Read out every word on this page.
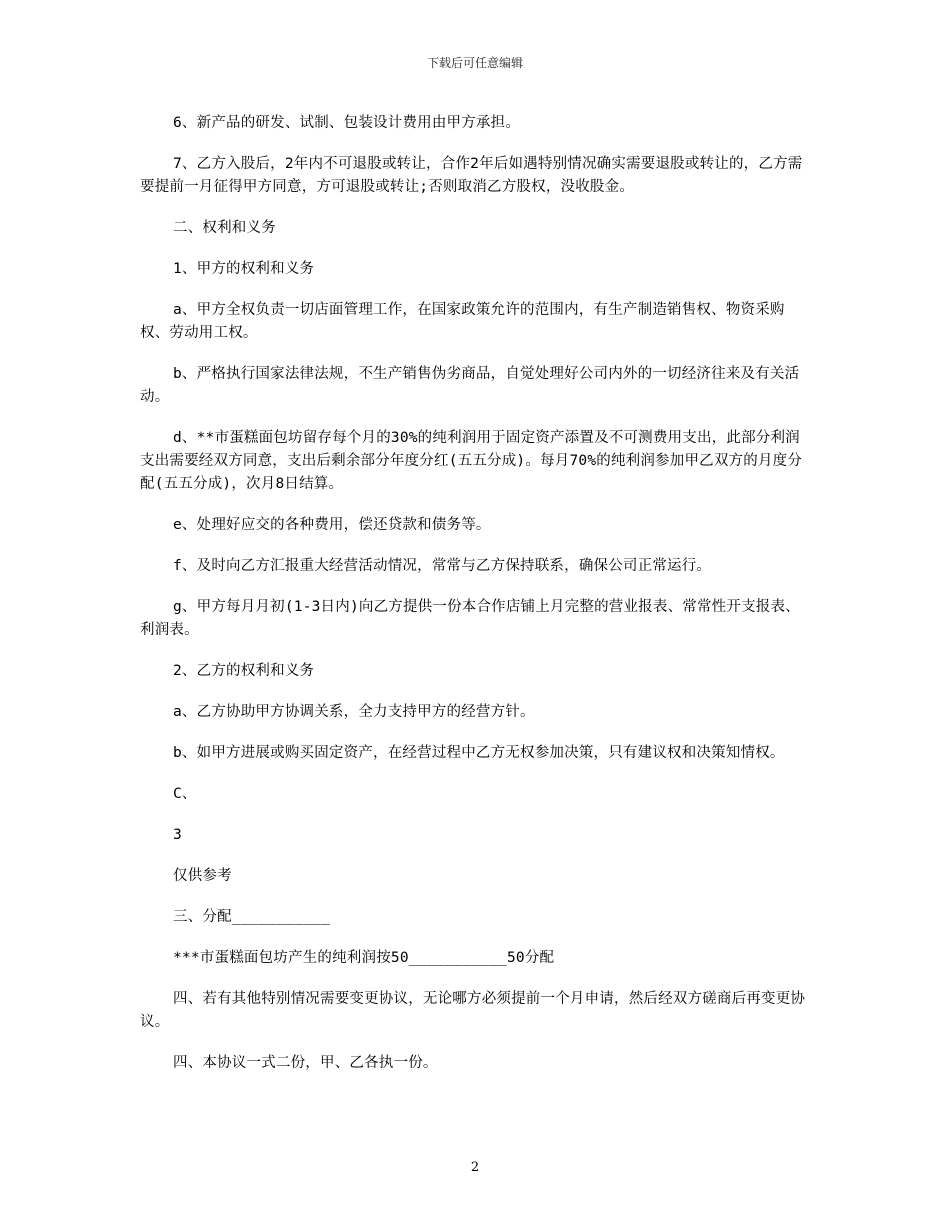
下载后可任意编辑

6、新产品的研发、试制、包装设计费用由甲方承担。

7、乙方入股后，2年内不可退股或转让，合作2年后如遇特别情况确实需要退股或转让的，乙方需要提前一月征得甲方同意，方可退股或转让;否则取消乙方股权，没收股金。

二、权利和义务

1、甲方的权利和义务

a、甲方全权负责一切店面管理工作，在国家政策允许的范围内，有生产制造销售权、物资采购权、劳动用工权。

b、严格执行国家法律法规，不生产销售伪劣商品，自觉处理好公司内外的一切经济往来及有关活动。

d、**市蛋糕面包坊留存每个月的30%的纯利润用于固定资产添置及不可测费用支出，此部分利润支出需要经双方同意，支出后剩余部分年度分红(五五分成)。每月70%的纯利润参加甲乙双方的月度分配(五五分成)，次月8日结算。

e、处理好应交的各种费用，偿还贷款和债务等。

f、及时向乙方汇报重大经营活动情况，常常与乙方保持联系，确保公司正常运行。

g、甲方每月月初(1-3日内)向乙方提供一份本合作店铺上月完整的营业报表、常常性开支报表、利润表。

2、乙方的权利和义务

a、乙方协助甲方协调关系，全力支持甲方的经营方针。

b、如甲方进展或购买固定资产，在经营过程中乙方无权参加决策，只有建议权和决策知情权。

C、

3

仅供参考

三、分配___________

***市蛋糕面包坊产生的纯利润按50___________50分配

四、若有其他特别情况需要变更协议，无论哪方必须提前一个月申请，然后经双方磋商后再变更协议。

四、本协议一式二份，甲、乙各执一份。

2
